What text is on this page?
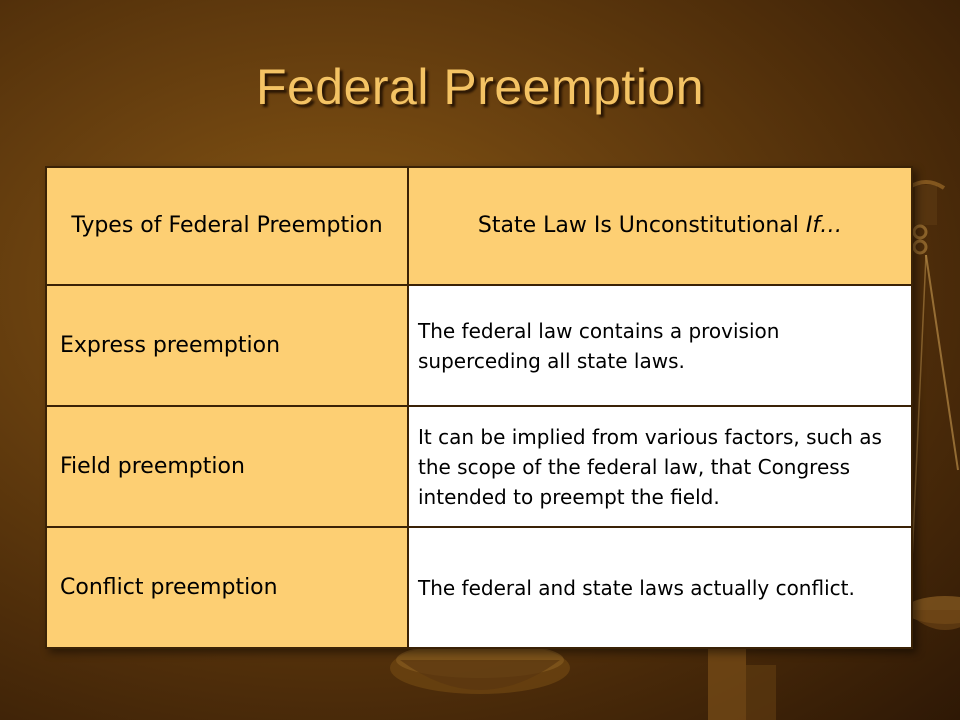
Federal Preemption
Types of Federal Preemption	State Law Is Unconstitutional If…
Express preemption	The federal law contains a provision superceding all state laws.
Field preemption	It can be implied from various factors, such as the scope of the federal law, that Congress intended to preempt the field.
Conflict preemption	The federal and state laws actually conflict.
